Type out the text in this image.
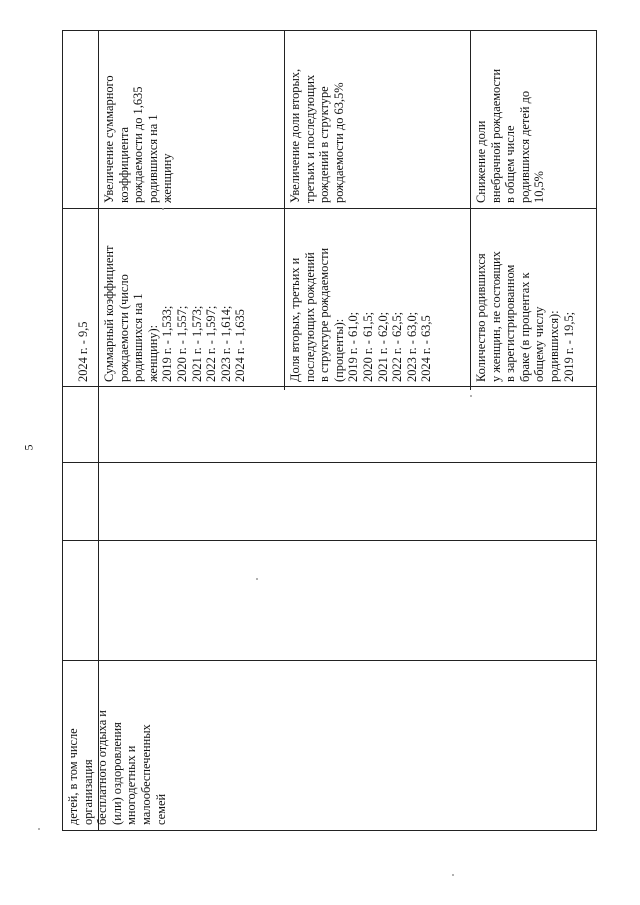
5
детей, в том числе
организация
бесплатного отдыха и
(или) оздоровления
многодетных и
малообеспеченных
семей
2024 г. - 9,5 Суммарный коэффициент
рождаемости (число
родившихся на 1
женщину):
2019 г. - 1,533;
2020 г. - 1,557;
2021 г. - 1,573;
2022 г. - 1,597;
2023 г. - 1,614;
2024 г. - 1,635
Увеличение суммарного
коэффициента
рождаемости до 1,635
родившихся на 1
женщину
Доля вторых, третьих и
последующих рождений
в структуре рождаемости
(проценты):
2019 г. - 61,0;
2020 г. - 61,5;
2021 г. - 62,0;
2022 г. - 62,5;
2023 г. - 63,0;
2024 г. - 63,5
Увеличение доли вторых,
третьих и последующих
рождений в структуре
рождаемости до 63,5%
Количество родившихся
у женщин, не состоящих
в зарегистрированном
браке (в процентах к
общему числу
родившихся):
2019 г. - 19,5;
Снижение доли
внебрачной рождаемости
в общем числе
родившихся детей до
10,5%
